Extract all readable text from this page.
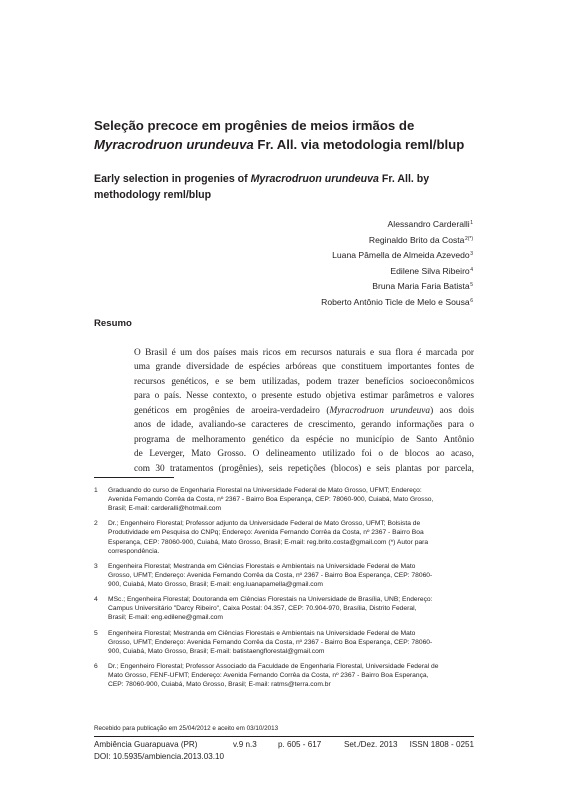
Seleção precoce em progênies de meios irmãos de
Myracrodruon urundeuva Fr. All. via metodologia reml/blup
Early selection in progenies of Myracrodruon urundeuva Fr. All. by
methodology reml/blup
Alessandro Carderalli$^1$
Reginaldo Brito da Costa$^{2(*)}$
Luana Pâmella de Almeida Azevedo$^3$
Edilene Silva Ribeiro$^4$
Bruna Maria Faria Batista$^5$
Roberto Antônio Ticle de Melo e Sousa$^6$
Resumo
O Brasil é um dos países mais ricos em recursos naturais e sua flora é marcada por
uma grande diversidade de espécies arbóreas que constituem importantes fontes de
recursos genéticos, e se bem utilizadas, podem trazer benefícios socioeconômicos
para o país. Nesse contexto, o presente estudo objetiva estimar parâmetros e valores
genéticos em progênies de aroeira-verdadeiro (Myracrodruon urundeuva) aos dois
anos de idade, avaliando-se caracteres de crescimento, gerando informações para o
programa de melhoramento genético da espécie no município de Santo Antônio
de Leverger, Mato Grosso. O delineamento utilizado foi o de blocos ao acaso,
com 30 tratamentos (progênies), seis repetições (blocos) e seis plantas por parcela,
1 Graduando do curso de Engenharia Florestal na Universidade Federal de Mato Grosso, UFMT; Endereço:
Avenida Fernando Corrêa da Costa, nº 2367 - Bairro Boa Esperança, CEP: 78060-900, Cuiabá, Mato Grosso,
Brasil; E-mail: carderalli@hotmail.com
2 Dr.; Engenheiro Florestal; Professor adjunto da Universidade Federal de Mato Grosso, UFMT; Bolsista de
Produtividade em Pesquisa do CNPq; Endereço: Avenida Fernando Corrêa da Costa, nº 2367 - Bairro Boa
Esperança, CEP: 78060-900, Cuiabá, Mato Grosso, Brasil; E-mail: reg.brito.costa@gmail.com (*) Autor para
correspondência.
3 Engenheira Florestal; Mestranda em Ciências Florestais e Ambientais na Universidade Federal de Mato
Grosso, UFMT; Endereço: Avenida Fernando Corrêa da Costa, nº 2367 - Bairro Boa Esperança, CEP: 78060-
900, Cuiabá, Mato Grosso, Brasil; E-mail: eng.luanapamella@gmail.com
4 MSc.; Engenheira Florestal; Doutoranda em Ciências Florestais na Universidade de Brasília, UNB; Endereço:
Campus Universitário "Darcy Ribeiro", Caixa Postal: 04.357, CEP: 70.904-970, Brasília, Distrito Federal,
Brasil; E-mail: eng.edilene@gmail.com
5 Engenheira Florestal; Mestranda em Ciências Florestais e Ambientais na Universidade Federal de Mato
Grosso, UFMT; Endereço: Avenida Fernando Corrêa da Costa, nº 2367 - Bairro Boa Esperança, CEP: 78060-
900, Cuiabá, Mato Grosso, Brasil; E-mail: batistaengflorestal@gmail.com
6 Dr.; Engenheiro Florestal; Professor Associado da Faculdade de Engenharia Florestal, Universidade Federal de
Mato Grosso, FENF-UFMT; Endereço: Avenida Fernando Corrêa da Costa, nº 2367 - Bairro Boa Esperança,
CEP: 78060-900, Cuiabá, Mato Grosso, Brasil; E-mail: ratms@terra.com.br
Recebido para publicação em 25/04/2012 e aceito em 03/10/2013
Ambiência Guarapuava (PR)	v.9 n.3	p. 605 - 617	Set./Dez. 2013 ISSN 1808 - 0251
DOI: 10.5935/ambiencia.2013.03.10
